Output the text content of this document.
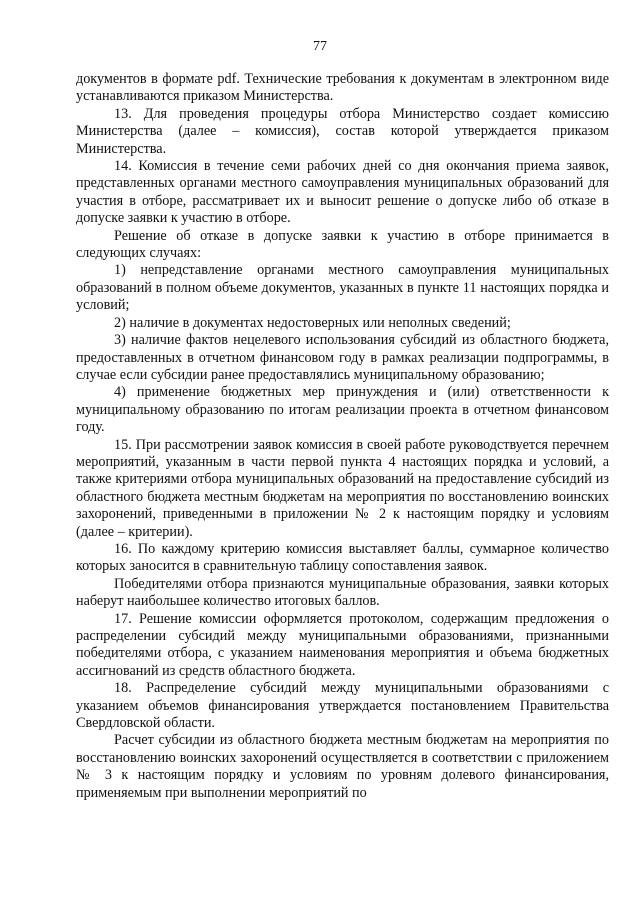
77

документов в формате pdf. Технические требования к документам в электронном виде устанавливаются приказом Министерства.

13. Для проведения процедуры отбора Министерство создает комиссию Министерства (далее – комиссия), состав которой утверждается приказом Министерства.

14. Комиссия в течение семи рабочих дней со дня окончания приема заявок, представленных органами местного самоуправления муниципальных образований для участия в отборе, рассматривает их и выносит решение о допуске либо об отказе в допуске заявки к участию в отборе.

Решение об отказе в допуске заявки к участию в отборе принимается в следующих случаях:

1) непредставление органами местного самоуправления муниципальных образований в полном объеме документов, указанных в пункте 11 настоящих порядка и условий;

2) наличие в документах недостоверных или неполных сведений;

3) наличие фактов нецелевого использования субсидий из областного бюджета, предоставленных в отчетном финансовом году в рамках реализации подпрограммы, в случае если субсидии ранее предоставлялись муниципальному образованию;

4) применение бюджетных мер принуждения и (или) ответственности к муниципальному образованию по итогам реализации проекта в отчетном финансовом году.

15. При рассмотрении заявок комиссия в своей работе руководствуется перечнем мероприятий, указанным в части первой пункта 4 настоящих порядка и условий, а также критериями отбора муниципальных образований на предоставление субсидий из областного бюджета местным бюджетам на мероприятия по восстановлению воинских захоронений, приведенными в приложении № 2 к настоящим порядку и условиям (далее – критерии).

16. По каждому критерию комиссия выставляет баллы, суммарное количество которых заносится в сравнительную таблицу сопоставления заявок.

Победителями отбора признаются муниципальные образования, заявки которых наберут наибольшее количество итоговых баллов.

17. Решение комиссии оформляется протоколом, содержащим предложения о распределении субсидий между муниципальными образованиями, признанными победителями отбора, с указанием наименования мероприятия и объема бюджетных ассигнований из средств областного бюджета.

18. Распределение субсидий между муниципальными образованиями с указанием объемов финансирования утверждается постановлением Правительства Свердловской области.

Расчет субсидии из областного бюджета местным бюджетам на мероприятия по восстановлению воинских захоронений осуществляется в соответствии с приложением № 3 к настоящим порядку и условиям по уровням долевого финансирования, применяемым при выполнении мероприятий по
